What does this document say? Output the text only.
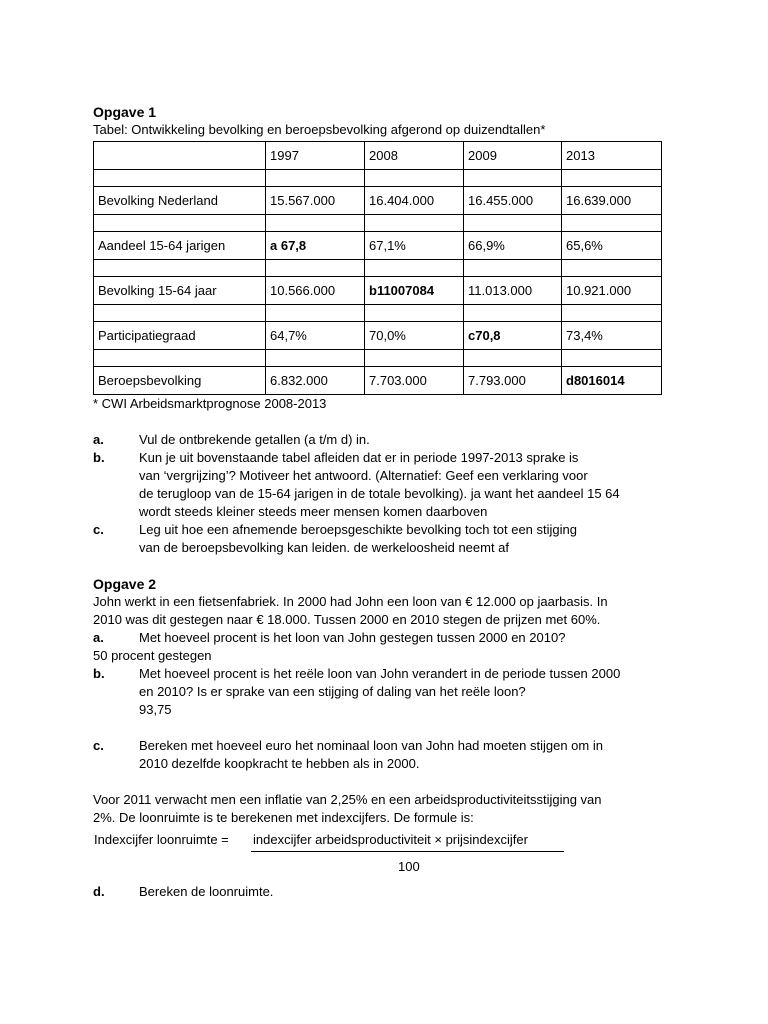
Opgave 1
Tabel: Ontwikkeling bevolking en beroepsbevolking afgerond op duizendtallen*
	1997	2008	2009	2013

Bevolking Nederland	15.567.000	16.404.000	16.455.000	16.639.000

Aandeel 15-64 jarigen	a 67,8	67,1%	66,9%	65,6%

Bevolking 15-64 jaar	10.566.000	b11007084	11.013.000	10.921.000

Participatiegraad	64,7%	70,0%	c70,8	73,4%

Beroepsbevolking	6.832.000	7.703.000	7.793.000	d8016014
* CWI Arbeidsmarktprognose 2008-2013
a.	Vul de ontbrekende getallen (a t/m d) in.
b.	Kun je uit bovenstaande tabel afleiden dat er in periode 1997-2013 sprake is
van ‘vergrijzing’? Motiveer het antwoord. (Alternatief: Geef een verklaring voor
de terugloop van de 15-64 jarigen in de totale bevolking). ja want het aandeel 15 64
wordt steeds kleiner steeds meer mensen komen daarboven
c.	Leg uit hoe een afnemende beroepsgeschikte bevolking toch tot een stijging
van de beroepsbevolking kan leiden. de werkeloosheid neemt af
Opgave 2
John werkt in een fietsenfabriek. In 2000 had John een loon van € 12.000 op jaarbasis. In
2010 was dit gestegen naar € 18.000. Tussen 2000 en 2010 stegen de prijzen met 60%.
a.	Met hoeveel procent is het loon van John gestegen tussen 2000 en 2010?
50 procent gestegen
b.	Met hoeveel procent is het reële loon van John verandert in de periode tussen 2000
en 2010? Is er sprake van een stijging of daling van het reële loon?
93,75
c.	Bereken met hoeveel euro het nominaal loon van John had moeten stijgen om in
2010 dezelfde koopkracht te hebben als in 2000.
Voor 2011 verwacht men een inflatie van 2,25% en een arbeidsproductiviteitsstijging van
2%. De loonruimte is te berekenen met indexcijfers. De formule is:
Indexcijfer loonruimte = indexcijfer arbeidsproductiviteit × prijsindexcijfer
100
d.	Bereken de loonruimte.
